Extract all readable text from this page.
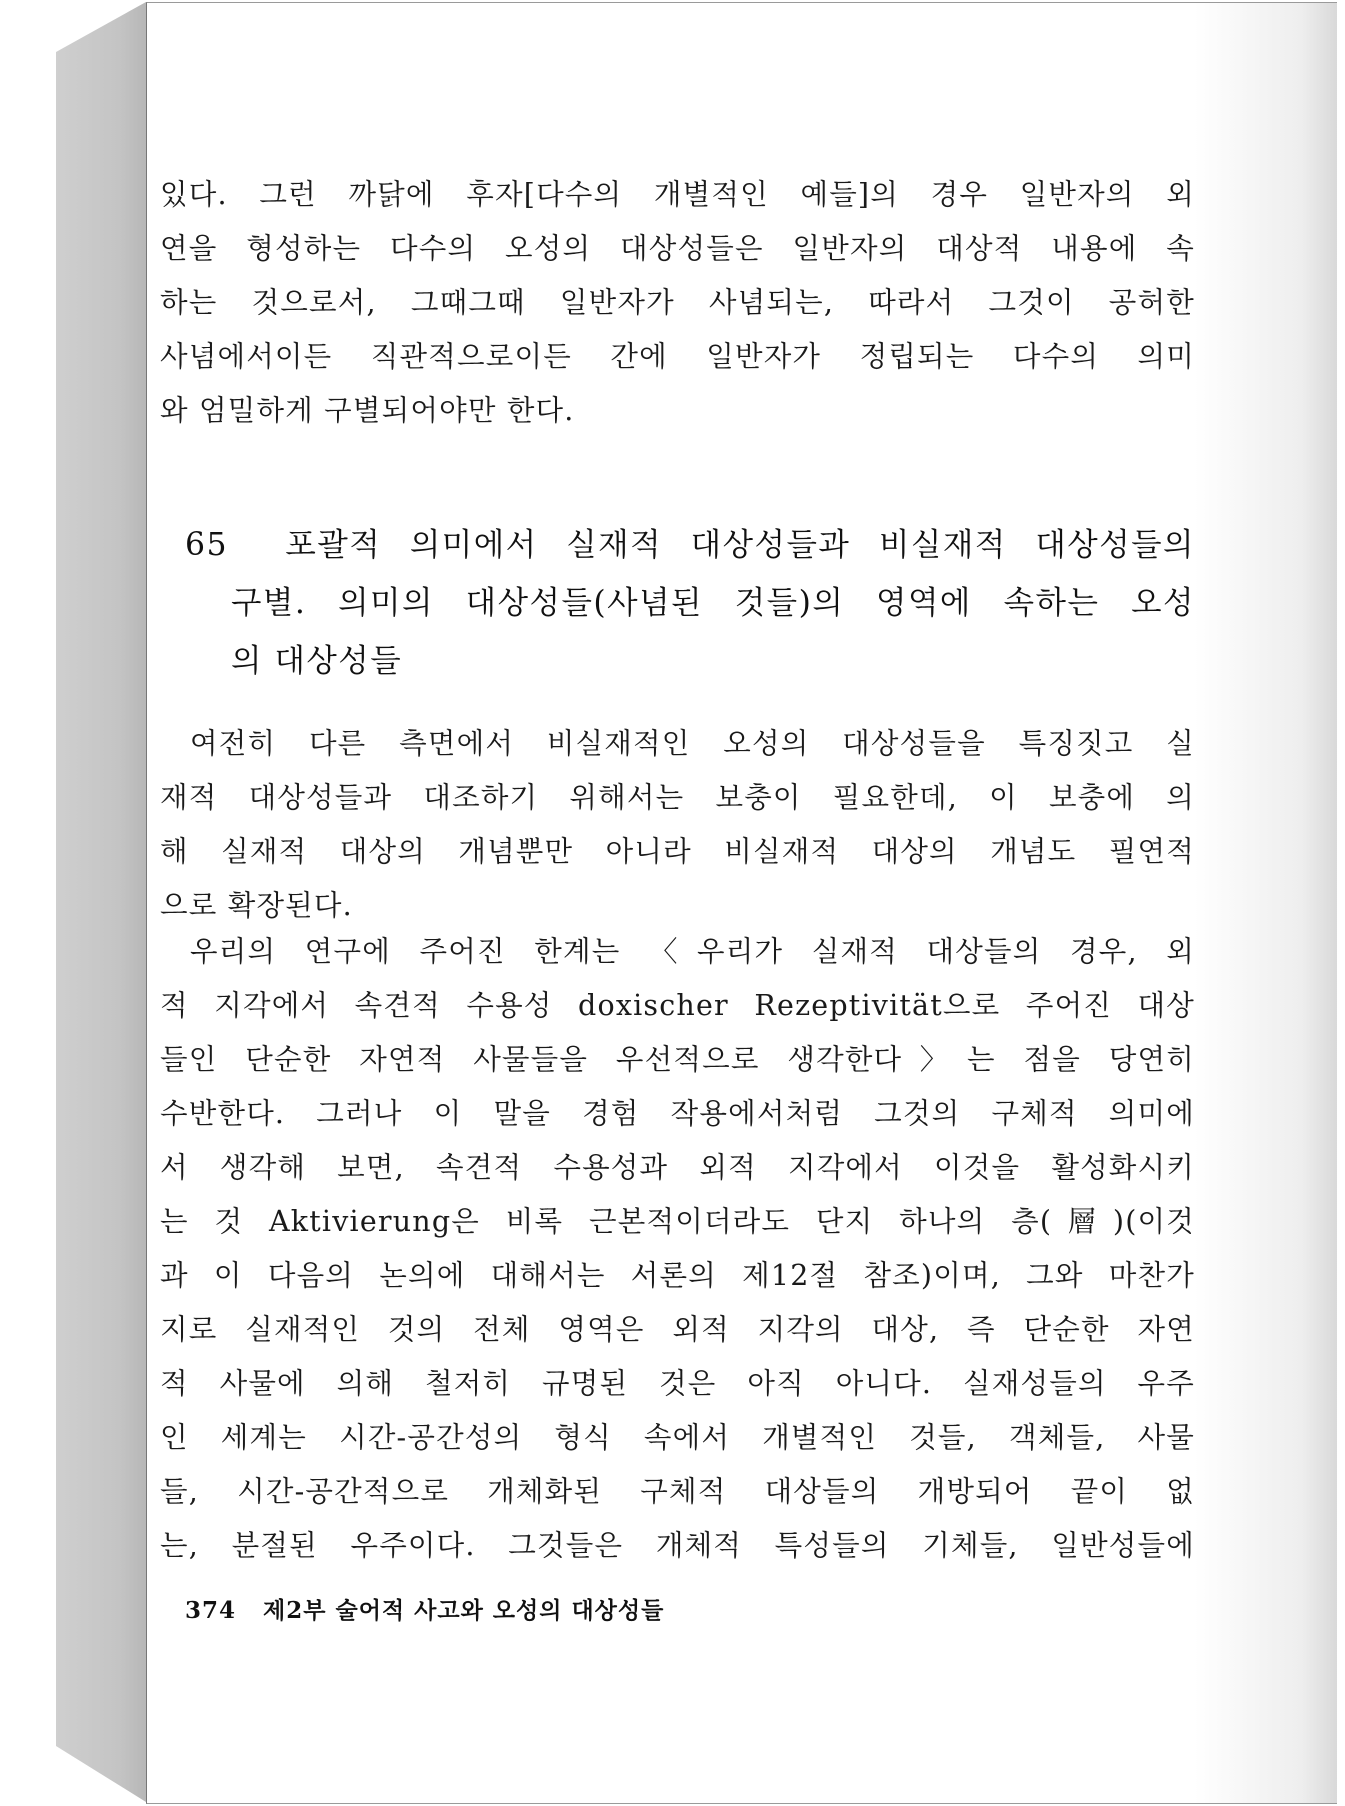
있다. 그런 까닭에 후자[다수의 개별적인 예들]의 경우 일반자의 외
연을 형성하는 다수의 오성의 대상성들은 일반자의 대상적 내용에 속
하는 것으로서, 그때그때 일반자가 사념되는, 따라서 그것이 공허한
사념에서이든 직관적으로이든 간에 일반자가 정립되는 다수의 의미
와 엄밀하게 구별되어야만 한다.
65 포괄적 의미에서 실재적 대상성들과 비실재적 대상성들의
구별. 의미의 대상성들(사념된 것들)의 영역에 속하는 오성
의 대상성들
여전히 다른 측면에서 비실재적인 오성의 대상성들을 특징짓고 실
재적 대상성들과 대조하기 위해서는 보충이 필요한데, 이 보충에 의
해 실재적 대상의 개념뿐만 아니라 비실재적 대상의 개념도 필연적
으로 확장된다.
우리의 연구에 주어진 한계는 〈우리가 실재적 대상들의 경우, 외
적 지각에서 속견적 수용성 doxischer Rezeptivität으로 주어진 대상
들인 단순한 자연적 사물들을 우선적으로 생각한다〉는 점을 당연히
수반한다. 그러나 이 말을 경험 작용에서처럼 그것의 구체적 의미에
서 생각해 보면, 속견적 수용성과 외적 지각에서 이것을 활성화시키
는 것 Aktivierung은 비록 근본적이더라도 단지 하나의 층(層)(이것
과 이 다음의 논의에 대해서는 서론의 제12절 참조)이며, 그와 마찬가
지로 실재적인 것의 전체 영역은 외적 지각의 대상, 즉 단순한 자연
적 사물에 의해 철저히 규명된 것은 아직 아니다. 실재성들의 우주
인 세계는 시간-공간성의 형식 속에서 개별적인 것들, 객체들, 사물
들, 시간-공간적으로 개체화된 구체적 대상들의 개방되어 끝이 없
는, 분절된 우주이다. 그것들은 개체적 특성들의 기체들, 일반성들에
374 제2부 술어적 사고와 오성의 대상성들
